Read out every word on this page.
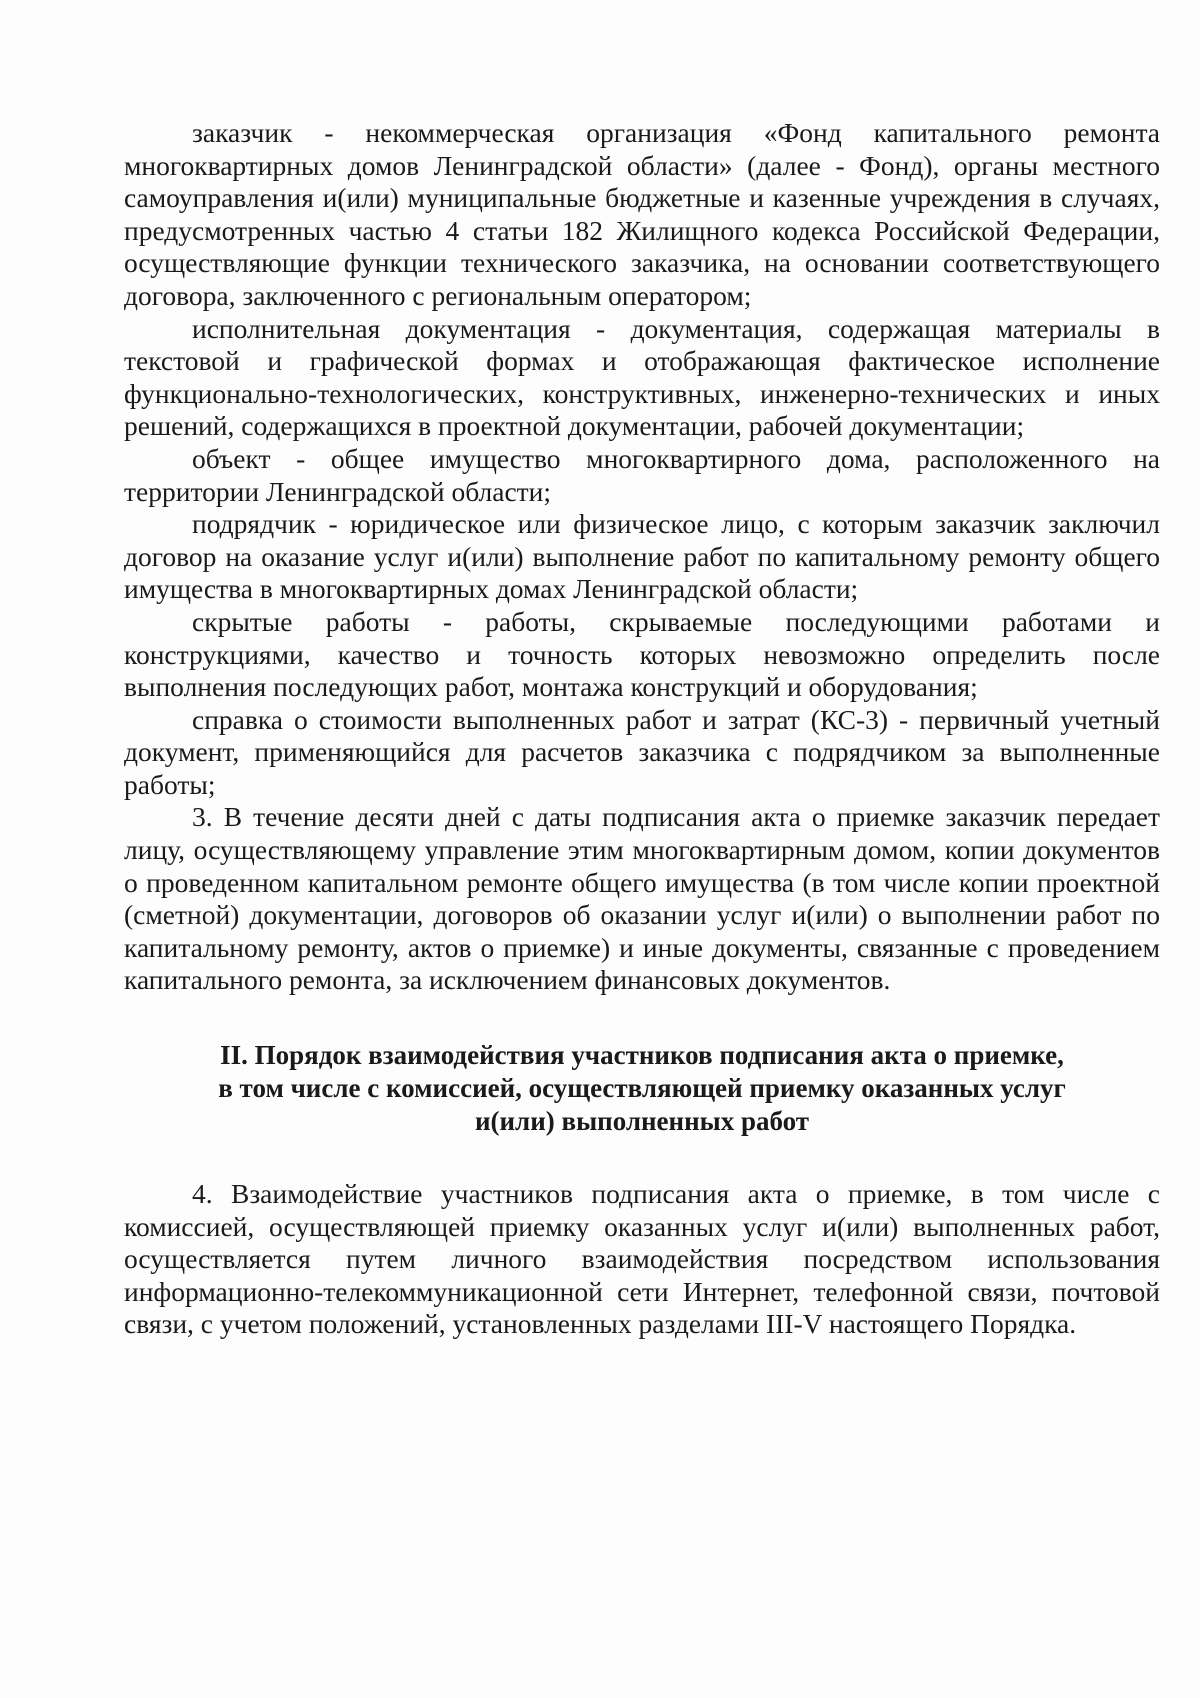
заказчик - некоммерческая организация «Фонд капитального ремонта многоквартирных домов Ленинградской области» (далее - Фонд), органы местного самоуправления и(или) муниципальные бюджетные и казенные учреждения в случаях, предусмотренных частью 4 статьи 182 Жилищного кодекса Российской Федерации, осуществляющие функции технического заказчика, на основании соответствующего договора, заключенного с региональным оператором;

исполнительная документация - документация, содержащая материалы в текстовой и графической формах и отображающая фактическое исполнение функционально-технологических, конструктивных, инженерно-технических и иных решений, содержащихся в проектной документации, рабочей документации;

объект - общее имущество многоквартирного дома, расположенного на территории Ленинградской области;

подрядчик - юридическое или физическое лицо, с которым заказчик заключил договор на оказание услуг и(или) выполнение работ по капитальному ремонту общего имущества в многоквартирных домах Ленинградской области;

скрытые работы - работы, скрываемые последующими работами и конструкциями, качество и точность которых невозможно определить после выполнения последующих работ, монтажа конструкций и оборудования;

справка о стоимости выполненных работ и затрат (КС-3) - первичный учетный документ, применяющийся для расчетов заказчика с подрядчиком за выполненные работы;

3. В течение десяти дней с даты подписания акта о приемке заказчик передает лицу, осуществляющему управление этим многоквартирным домом, копии документов о проведенном капитальном ремонте общего имущества (в том числе копии проектной (сметной) документации, договоров об оказании услуг и(или) о выполнении работ по капитальному ремонту, актов о приемке) и иные документы, связанные с проведением капитального ремонта, за исключением финансовых документов.

II. Порядок взаимодействия участников подписания акта о приемке,
в том числе с комиссией, осуществляющей приемку оказанных услуг
и(или) выполненных работ

4. Взаимодействие участников подписания акта о приемке, в том числе с комиссией, осуществляющей приемку оказанных услуг и(или) выполненных работ, осуществляется путем личного взаимодействия посредством использования информационно-телекоммуникационной сети Интернет, телефонной связи, почтовой связи, с учетом положений, установленных разделами III-V настоящего Порядка.
